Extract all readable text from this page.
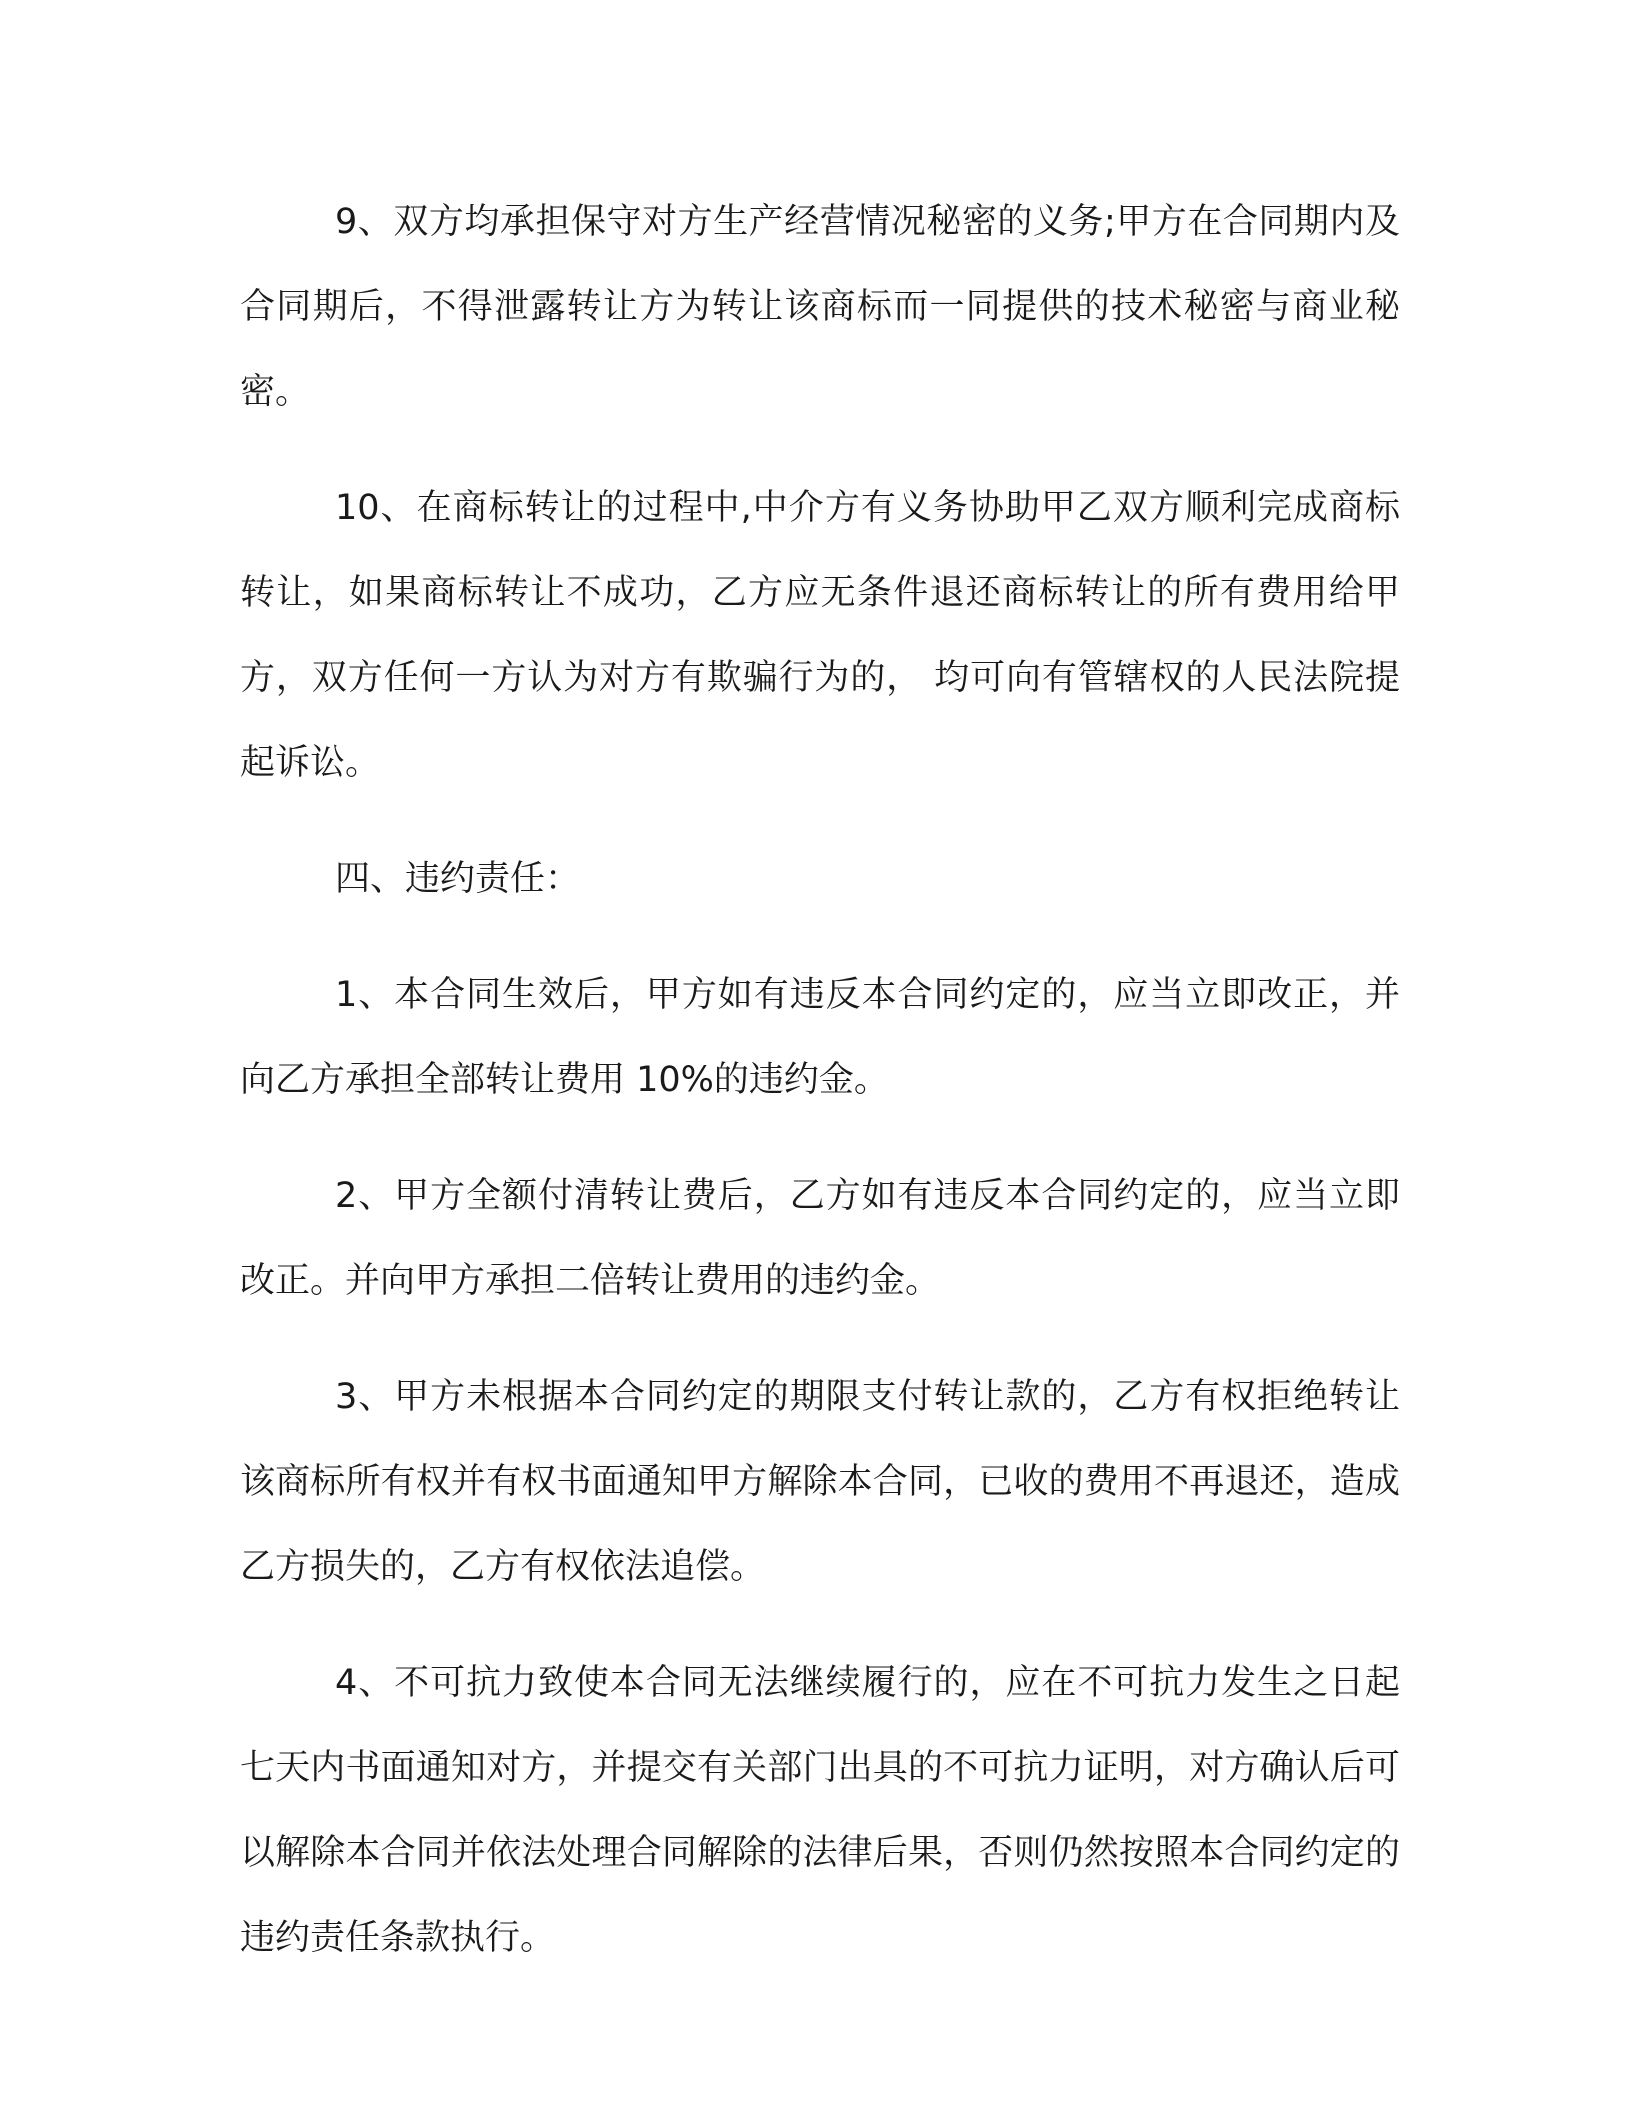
9、双方均承担保守对方生产经营情况秘密的义务;甲方在合同期内及合同期后，不得泄露转让方为转让该商标而一同提供的技术秘密与商业秘密。

10、在商标转让的过程中,中介方有义务协助甲乙双方顺利完成商标转让，如果商标转让不成功，乙方应无条件退还商标转让的所有费用给甲方，双方任何一方认为对方有欺骗行为的， 均可向有管辖权的人民法院提起诉讼。

四、违约责任：

1、本合同生效后，甲方如有违反本合同约定的，应当立即改正，并向乙方承担全部转让费用 10%的违约金。

2、甲方全额付清转让费后，乙方如有违反本合同约定的，应当立即改正。并向甲方承担二倍转让费用的违约金。

3、甲方未根据本合同约定的期限支付转让款的，乙方有权拒绝转让该商标所有权并有权书面通知甲方解除本合同，已收的费用不再退还，造成乙方损失的，乙方有权依法追偿。

4、不可抗力致使本合同无法继续履行的，应在不可抗力发生之日起七天内书面通知对方，并提交有关部门出具的不可抗力证明，对方确认后可以解除本合同并依法处理合同解除的法律后果，否则仍然按照本合同约定的违约责任条款执行。
